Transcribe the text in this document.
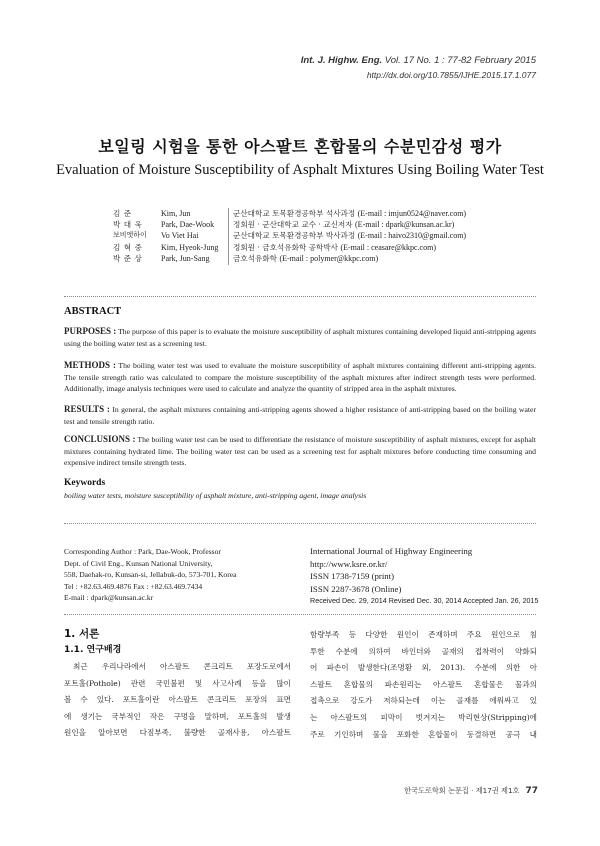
Int. J. Highw. Eng. Vol. 17 No. 1 : 77-82 February 2015
http://dx.doi.org/10.7855/IJHE.2015.17.1.077
보일링 시험을 통한 아스팔트 혼합물의 수분민감성 평가
Evaluation of Moisture Susceptibility of Asphalt Mixtures Using Boiling Water Test
김 준	Kim, Jun	군산대학교 토목환경공학부 석사과정 (E-mail : imjun0524@naver.com)
박 대 욱	Park, Dae-Wook	정회원 · 군산대학교 교수 · 교신저자 (E-mail : dpark@kunsan.ac.kr)
보비엣하이	Vo Viet Hai	군산대학교 토목환경공학부 박사과정 (E-mail : haivo2310@gmail.com)
김 혁 중	Kim, Hyeok-Jung	정회원 · 금호석유화학 공학박사 (E-mail : ceasare@kkpc.com)
박 준 상	Park, Jun-Sang	금호석유화학 (E-mail : polymer@kkpc.com)
ABSTRACT
PURPOSES : The purpose of this paper is to evaluate the moisture susceptibility of asphalt mixtures containing developed liquid anti-stripping agents using the boiling water test as a screening test.
METHODS : The boiling water test was used to evaluate the moisture susceptibility of asphalt mixtures containing different anti-stripping agents. The tensile strength ratio was calculated to compare the moisture susceptibility of the asphalt mixtures after indirect strength tests were performed. Additionally, image analysis techniques were used to calculate and analyze the quantity of stripped area in the asphalt mixtures.
RESULTS : In general, the asphalt mixtures containing anti-stripping agents showed a higher resistance of anti-stripping based on the boiling water test and tensile strength ratio.
CONCLUSIONS : The boiling water test can be used to differentiate the resistance of moisture susceptibility of asphalt mixtures, except for asphalt mixtures containing hydrated lime. The boiling water test can be used as a screening test for asphalt mixtures before conducting time consuming and expensive indirect tensile strength tests.
Keywords
boiling water tests, moisture susceptibility of asphalt mixture, anti-stripping agent, image analysis
Corresponding Author : Park, Dae-Wook, Professor
Dept. of Civil Eng., Kunsan National University,
558, Daehak-ro, Kunsan-si, Jellabuk-do, 573-701, Korea
Tel : +82.63.469.4876 Fax : +82.63.469.7434
E-mail : dpark@kunsan.ac.kr
International Journal of Highway Engineering
http://www.ksre.or.kr/
ISSN 1738-7159 (print)
ISSN 2287-3678 (Online)
Received Dec. 29, 2014 Revised Dec. 30, 2014 Accepted Jan. 26, 2015
1. 서론
1.1. 연구배경
최근 우리나라에서 아스팔트 콘크리트 포장도로에서
포트홀(Pothole) 관련 국민불편 및 사고사례 등을 많이
볼 수 있다. 포트홀이란 아스팔트 콘크리트 포장의 표면
에 생기는 국부적인 작은 구멍을 말하며, 포트홀의 발생
원인을 알아보면 다짐부족, 불량한 골재사용, 아스팔트
함량부족 등 다양한 원인이 존재하며 주요 원인으로 침
투한 수분에 의하여 바인더와 골재의 접착력이 약화되
어 파손이 발생한다(조명환 외, 2013). 수분에 의한 아
스팔트 혼합물의 파손원리는 아스팔트 혼합물은 물과의
접촉으로 강도가 저하되는데 이는 골재를 에워싸고 있
는 아스팔트의 피막이 벗겨지는 박리현상(Stripping)에
주로 기인하며 물을 포화한 혼합물이 동결하면 공극 내
한국도로학회 논문집 · 제17권 제1호 77
